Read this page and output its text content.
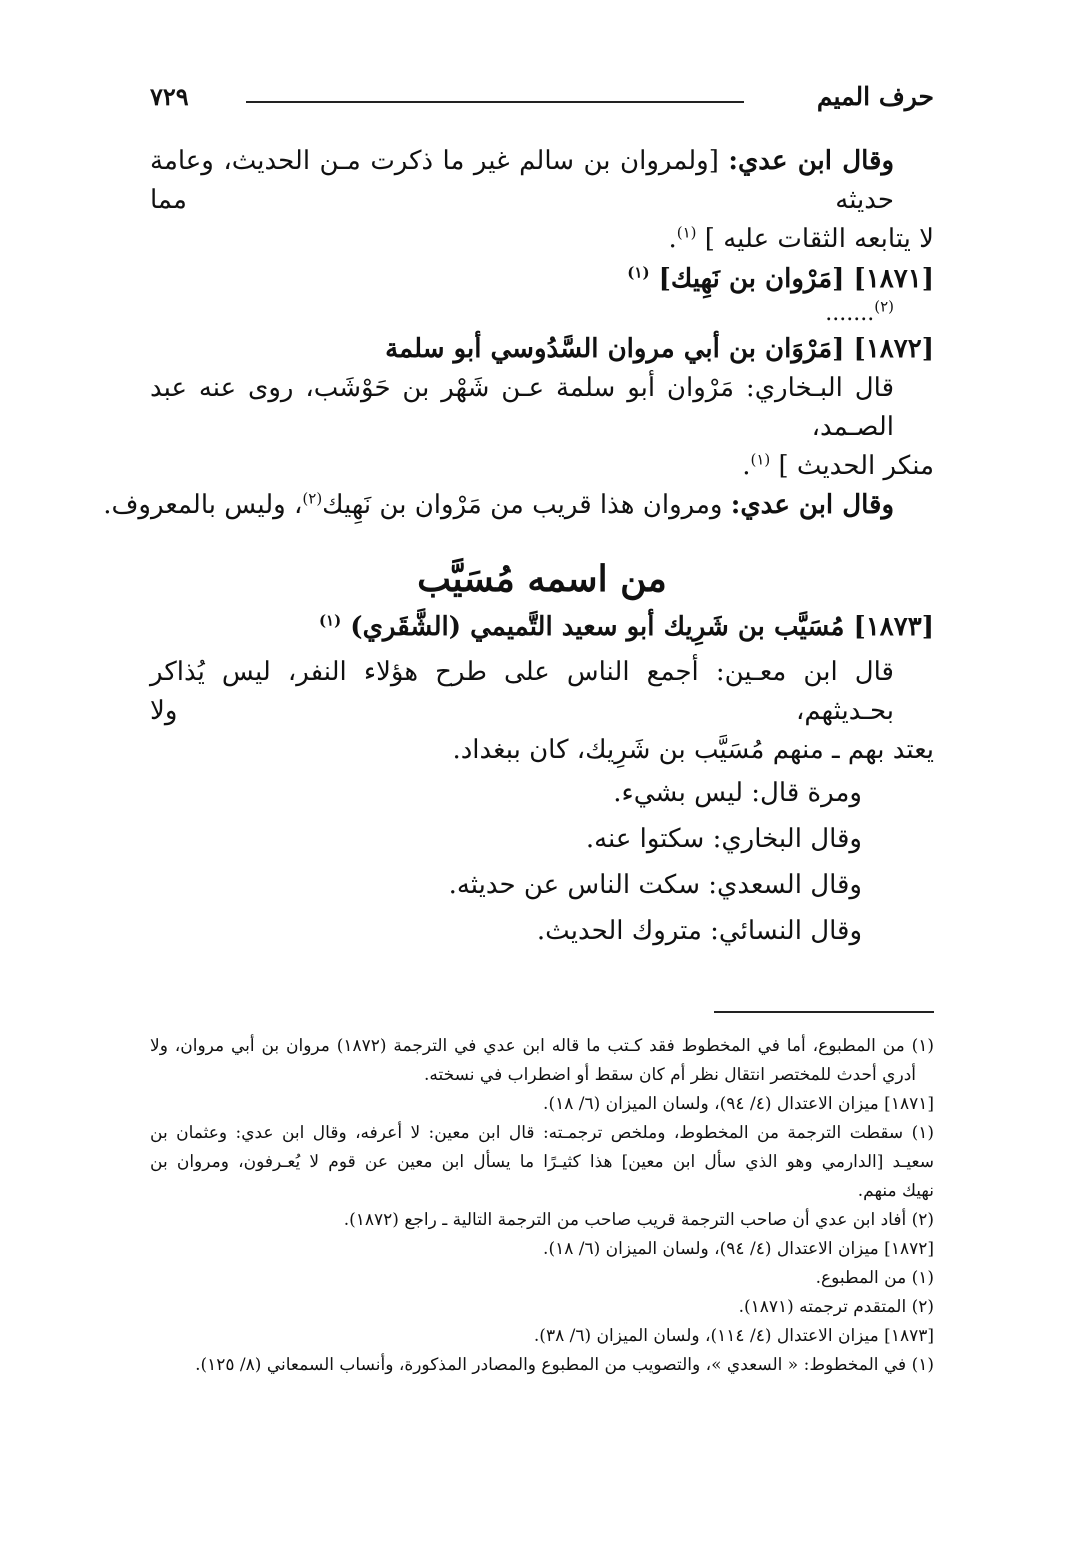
حرف الميم
٧٢٩
وقال ابن عدي: [ولمروان بن سالم غير ما ذكرت مـن الحديث، وعامة حديثه مما
لا يتابعه الثقات عليه ] $^{(١)}$.
[١٨٧١] [مَرْوان بن نَهِيك] $^{(١)}$
$^{(٢)}$.......
[١٨٧٢] [مَرْوَان بن أبي مروان السَّدُوسي أبو سلمة
قال البـخاري: مَرْوان أبو سلمة عـن شَهْر بن حَوْشَب، روى عنه عبد الصـمد،
منكر الحديث ] $^{(١)}$.
وقال ابن عدي: ومروان هذا قريب من مَرْوان بن نَهِيك$^{(٢)}$، وليس بالمعروف.
من اسمه مُسَيَّب
[١٨٧٣] مُسَيَّب بن شَرِيك أبو سعيد التَّميمي (الشَّقَري) $^{(١)}$
قال ابن معـين: أجمع الناس على طرح هؤلاء النفر، ليس يُذاكر بحـديثهم، ولا
يعتد بهم ـ منهم مُسَيَّب بن شَرِيك، كان ببغداد.
ومرة قال: ليس بشيء.
وقال البخاري: سكتوا عنه.
وقال السعدي: سكت الناس عن حديثه.
وقال النسائي: متروك الحديث.
(١) من المطبوع، أما في المخطوط فقد كـتب ما قاله ابن عدي في الترجمة (١٨٧٢) مروان بن أبي مروان، ولا
أدري أحدث للمختصر انتقال نظر أم كان سقط أو اضطراب في نسخته.
[١٨٧١] ميزان الاعتدال (٤/ ٩٤)، ولسان الميزان (٦/ ١٨).
(١) سقطت الترجمة من المخطوط، وملخص ترجمـته: قال ابن معين: لا أعرفه، وقال ابن عدي: وعثمان بن
سعيـد [الدارمي وهو الذي سأل ابن معين] هذا كثيـرًا ما يسأل ابن معين عن قوم لا يُعـرفون، ومروان بن
نهيك منهم.
(٢) أفاد ابن عدي أن صاحب الترجمة قريب صاحب من الترجمة التالية ـ راجع (١٨٧٢).
[١٨٧٢] ميزان الاعتدال (٤/ ٩٤)، ولسان الميزان (٦/ ١٨).
(١) من المطبوع.
(٢) المتقدم ترجمته (١٨٧١).
[١٨٧٣] ميزان الاعتدال (٤/ ١١٤)، ولسان الميزان (٦/ ٣٨).
(١) في المخطوط: « السعدي »، والتصويب من المطبوع والمصادر المذكورة، وأنساب السمعاني (٨/ ١٢٥).
